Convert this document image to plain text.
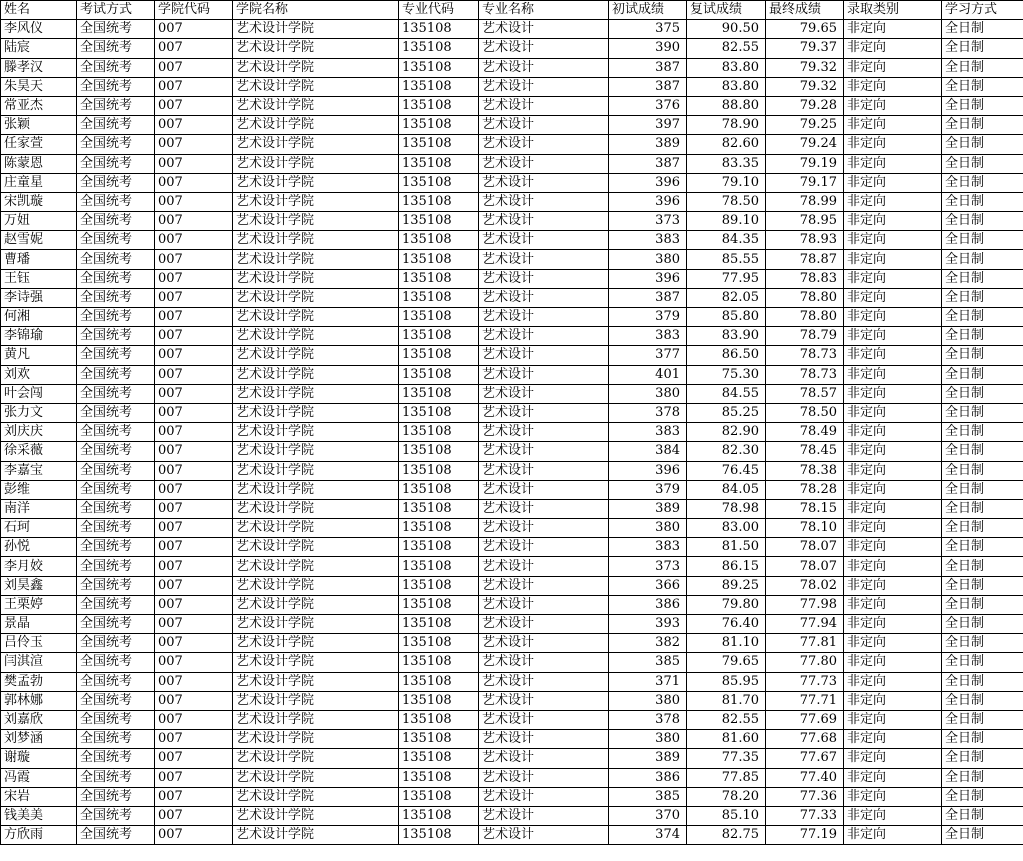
姓名	考试方式	学院代码	学院名称	专业代码	专业名称	初试成绩	复试成绩	最终成绩	录取类别	学习方式
李风仪	全国统考	007	艺术设计学院	135108	艺术设计	375	90.50	79.65	非定向	全日制
陆宸	全国统考	007	艺术设计学院	135108	艺术设计	390	82.55	79.37	非定向	全日制
滕孝汉	全国统考	007	艺术设计学院	135108	艺术设计	387	83.80	79.32	非定向	全日制
朱昊天	全国统考	007	艺术设计学院	135108	艺术设计	387	83.80	79.32	非定向	全日制
常亚杰	全国统考	007	艺术设计学院	135108	艺术设计	376	88.80	79.28	非定向	全日制
张颖	全国统考	007	艺术设计学院	135108	艺术设计	397	78.90	79.25	非定向	全日制
任家萱	全国统考	007	艺术设计学院	135108	艺术设计	389	82.60	79.24	非定向	全日制
陈蒙恩	全国统考	007	艺术设计学院	135108	艺术设计	387	83.35	79.19	非定向	全日制
庄童星	全国统考	007	艺术设计学院	135108	艺术设计	396	79.10	79.17	非定向	全日制
宋凯璇	全国统考	007	艺术设计学院	135108	艺术设计	396	78.50	78.99	非定向	全日制
万妞	全国统考	007	艺术设计学院	135108	艺术设计	373	89.10	78.95	非定向	全日制
赵雪妮	全国统考	007	艺术设计学院	135108	艺术设计	383	84.35	78.93	非定向	全日制
曹璠	全国统考	007	艺术设计学院	135108	艺术设计	380	85.55	78.87	非定向	全日制
王钰	全国统考	007	艺术设计学院	135108	艺术设计	396	77.95	78.83	非定向	全日制
李诗强	全国统考	007	艺术设计学院	135108	艺术设计	387	82.05	78.80	非定向	全日制
何湘	全国统考	007	艺术设计学院	135108	艺术设计	379	85.80	78.80	非定向	全日制
李锦瑜	全国统考	007	艺术设计学院	135108	艺术设计	383	83.90	78.79	非定向	全日制
黄凡	全国统考	007	艺术设计学院	135108	艺术设计	377	86.50	78.73	非定向	全日制
刘欢	全国统考	007	艺术设计学院	135108	艺术设计	401	75.30	78.73	非定向	全日制
叶会闯	全国统考	007	艺术设计学院	135108	艺术设计	380	84.55	78.57	非定向	全日制
张力文	全国统考	007	艺术设计学院	135108	艺术设计	378	85.25	78.50	非定向	全日制
刘庆庆	全国统考	007	艺术设计学院	135108	艺术设计	383	82.90	78.49	非定向	全日制
徐采薇	全国统考	007	艺术设计学院	135108	艺术设计	384	82.30	78.45	非定向	全日制
李嘉宝	全国统考	007	艺术设计学院	135108	艺术设计	396	76.45	78.38	非定向	全日制
彭维	全国统考	007	艺术设计学院	135108	艺术设计	379	84.05	78.28	非定向	全日制
南洋	全国统考	007	艺术设计学院	135108	艺术设计	389	78.98	78.15	非定向	全日制
石珂	全国统考	007	艺术设计学院	135108	艺术设计	380	83.00	78.10	非定向	全日制
孙悦	全国统考	007	艺术设计学院	135108	艺术设计	383	81.50	78.07	非定向	全日制
李月姣	全国统考	007	艺术设计学院	135108	艺术设计	373	86.15	78.07	非定向	全日制
刘昊鑫	全国统考	007	艺术设计学院	135108	艺术设计	366	89.25	78.02	非定向	全日制
王栗婷	全国统考	007	艺术设计学院	135108	艺术设计	386	79.80	77.98	非定向	全日制
景晶	全国统考	007	艺术设计学院	135108	艺术设计	393	76.40	77.94	非定向	全日制
吕伶玉	全国统考	007	艺术设计学院	135108	艺术设计	382	81.10	77.81	非定向	全日制
闫淇渲	全国统考	007	艺术设计学院	135108	艺术设计	385	79.65	77.80	非定向	全日制
樊孟勃	全国统考	007	艺术设计学院	135108	艺术设计	371	85.95	77.73	非定向	全日制
郭林娜	全国统考	007	艺术设计学院	135108	艺术设计	380	81.70	77.71	非定向	全日制
刘嘉欣	全国统考	007	艺术设计学院	135108	艺术设计	378	82.55	77.69	非定向	全日制
刘梦涵	全国统考	007	艺术设计学院	135108	艺术设计	380	81.60	77.68	非定向	全日制
谢璇	全国统考	007	艺术设计学院	135108	艺术设计	389	77.35	77.67	非定向	全日制
冯霞	全国统考	007	艺术设计学院	135108	艺术设计	386	77.85	77.40	非定向	全日制
宋岩	全国统考	007	艺术设计学院	135108	艺术设计	385	78.20	77.36	非定向	全日制
钱美美	全国统考	007	艺术设计学院	135108	艺术设计	370	85.10	77.33	非定向	全日制
方欣雨	全国统考	007	艺术设计学院	135108	艺术设计	374	82.75	77.19	非定向	全日制
